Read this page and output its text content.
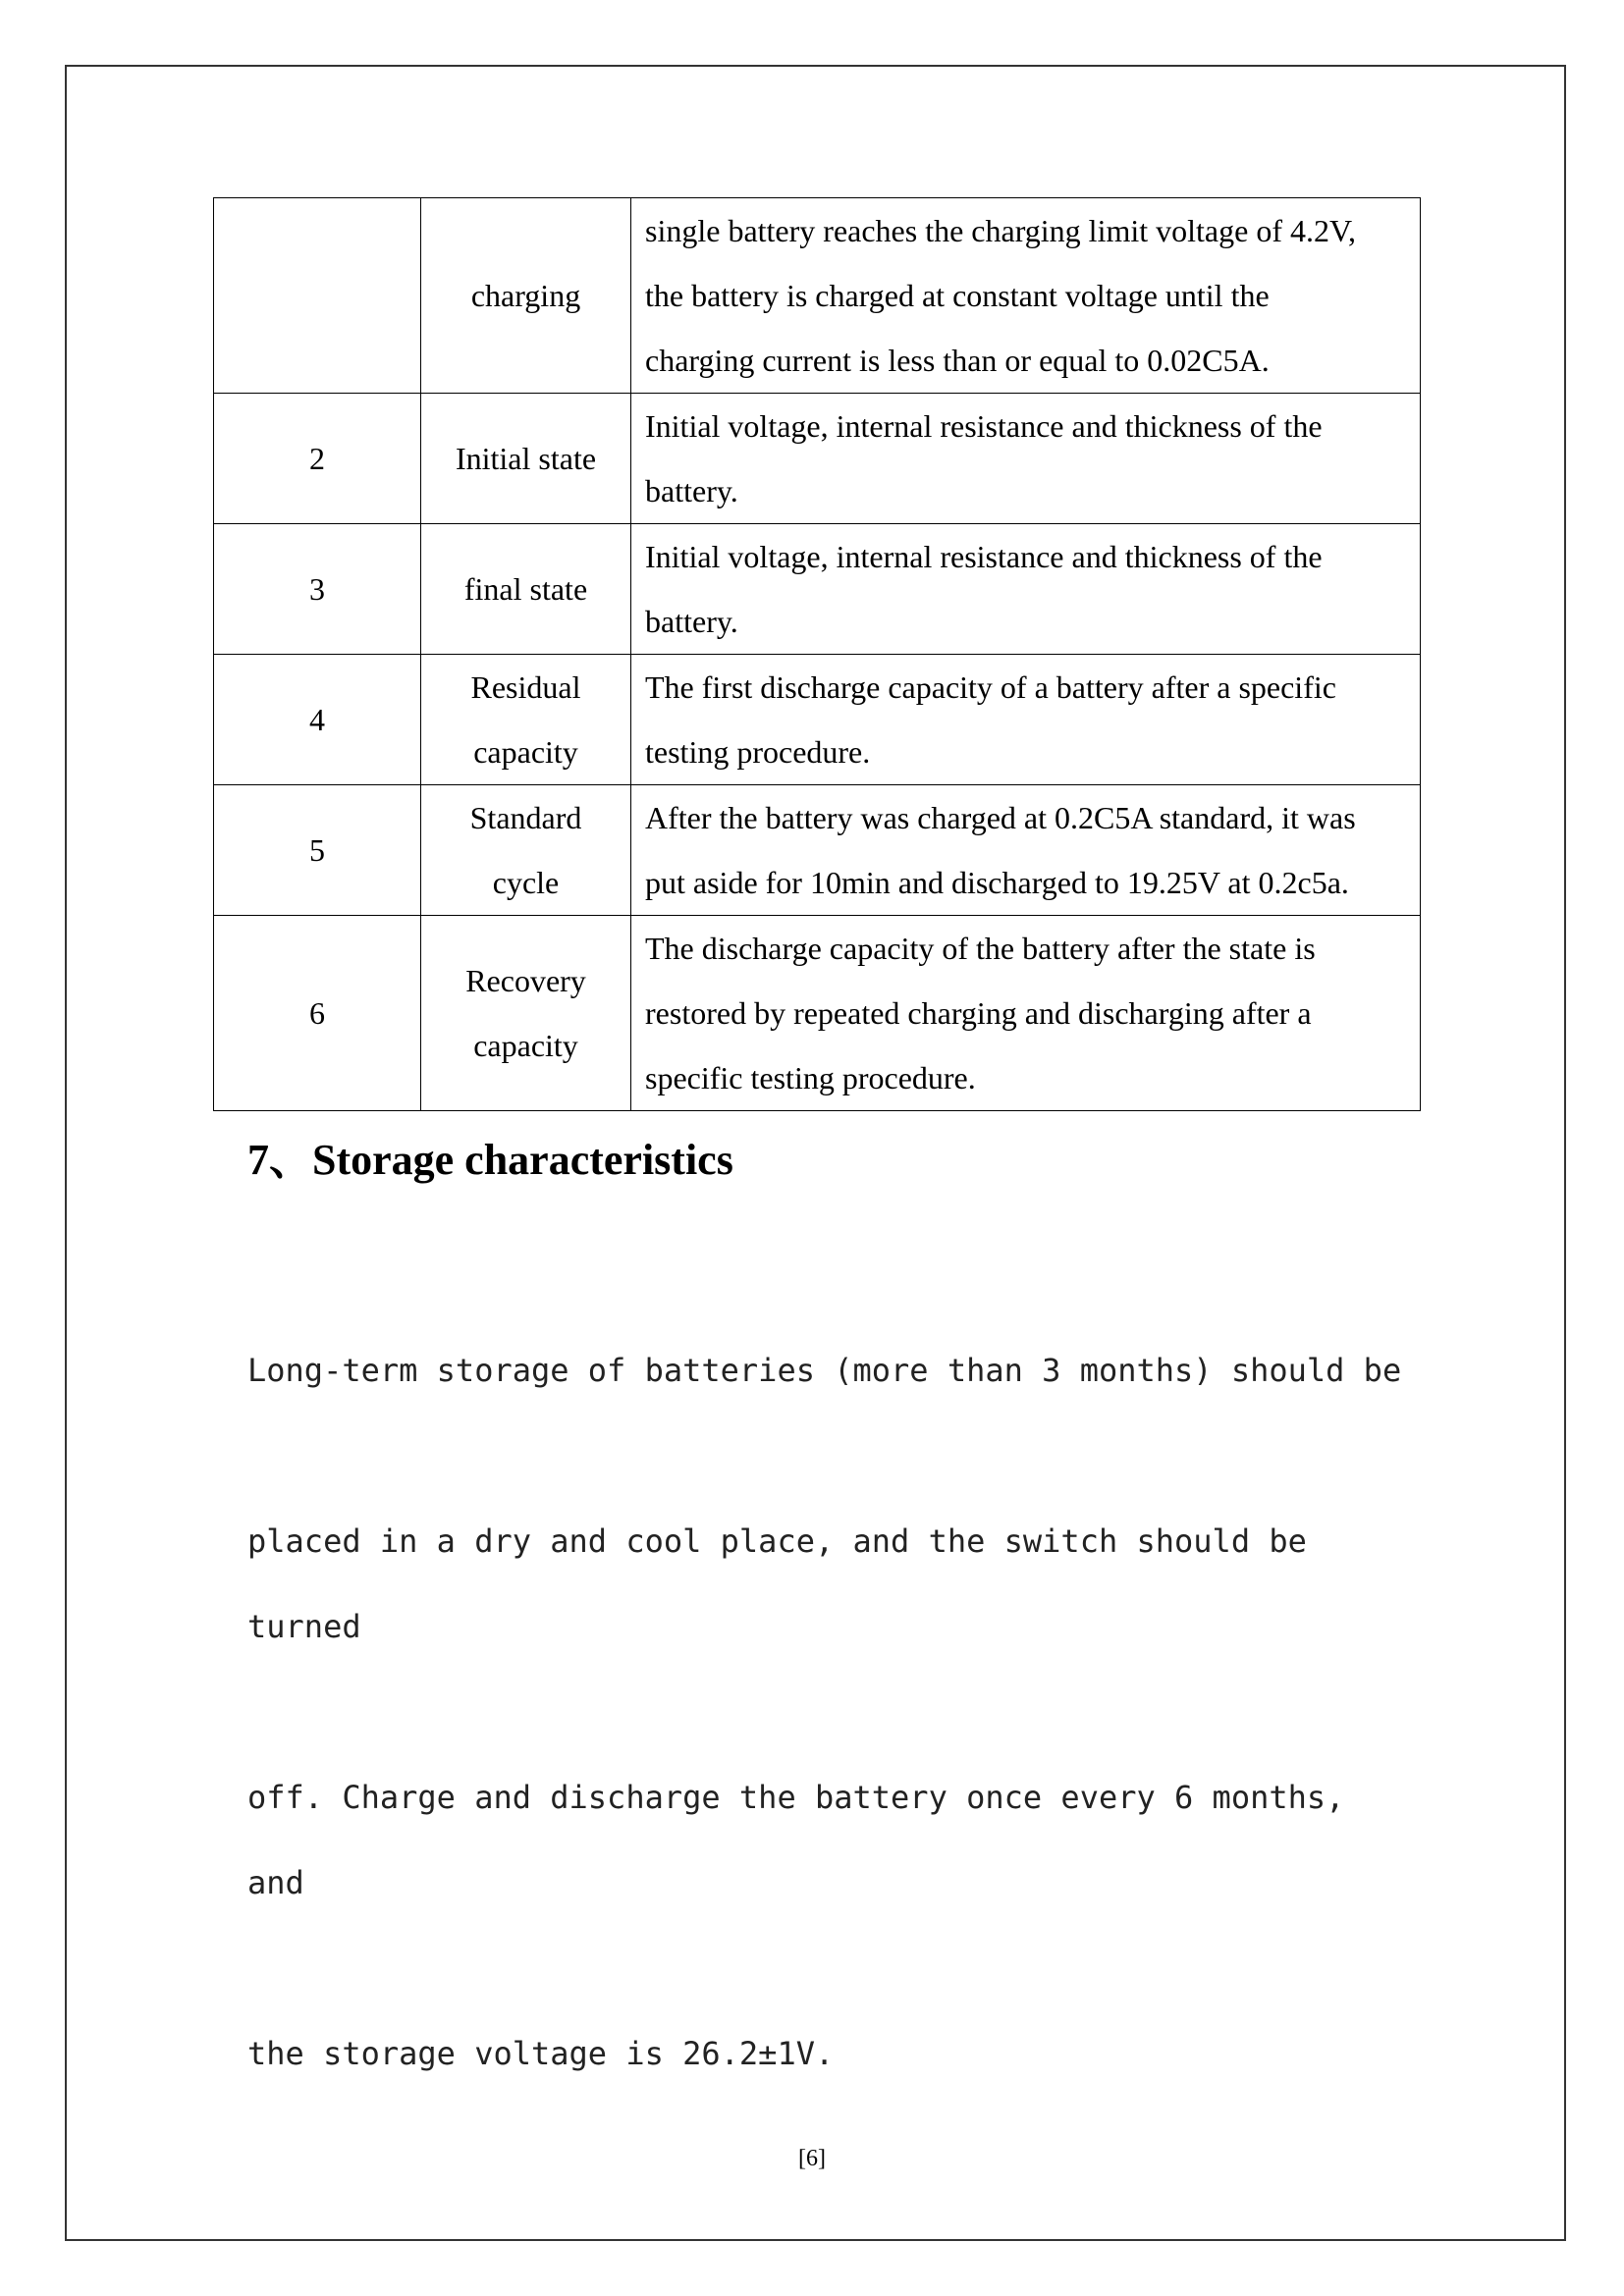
	charging	single battery reaches the charging limit voltage of 4.2V,
the battery is charged at constant voltage until the
charging current is less than or equal to 0.02C5A.

2	Initial state	Initial voltage, internal resistance and thickness of the
battery.

3	final state	Initial voltage, internal resistance and thickness of the
battery.

4	Residual
capacity	The first discharge capacity of a battery after a specific
testing procedure.

5	Standard
cycle	After the battery was charged at 0.2C5A standard, it was
put aside for 10min and discharged to 19.25V at 0.2c5a.

6	Recovery
capacity	The discharge capacity of the battery after the state is
restored by repeated charging and discharging after a
specific testing procedure.
7、Storage characteristics

Long-term storage of batteries (more than 3 months) should be

placed in a dry and cool place, and the switch should be turned

off. Charge and discharge the battery once every 6 months, and

the storage voltage is 26.2±1V.

[6]
